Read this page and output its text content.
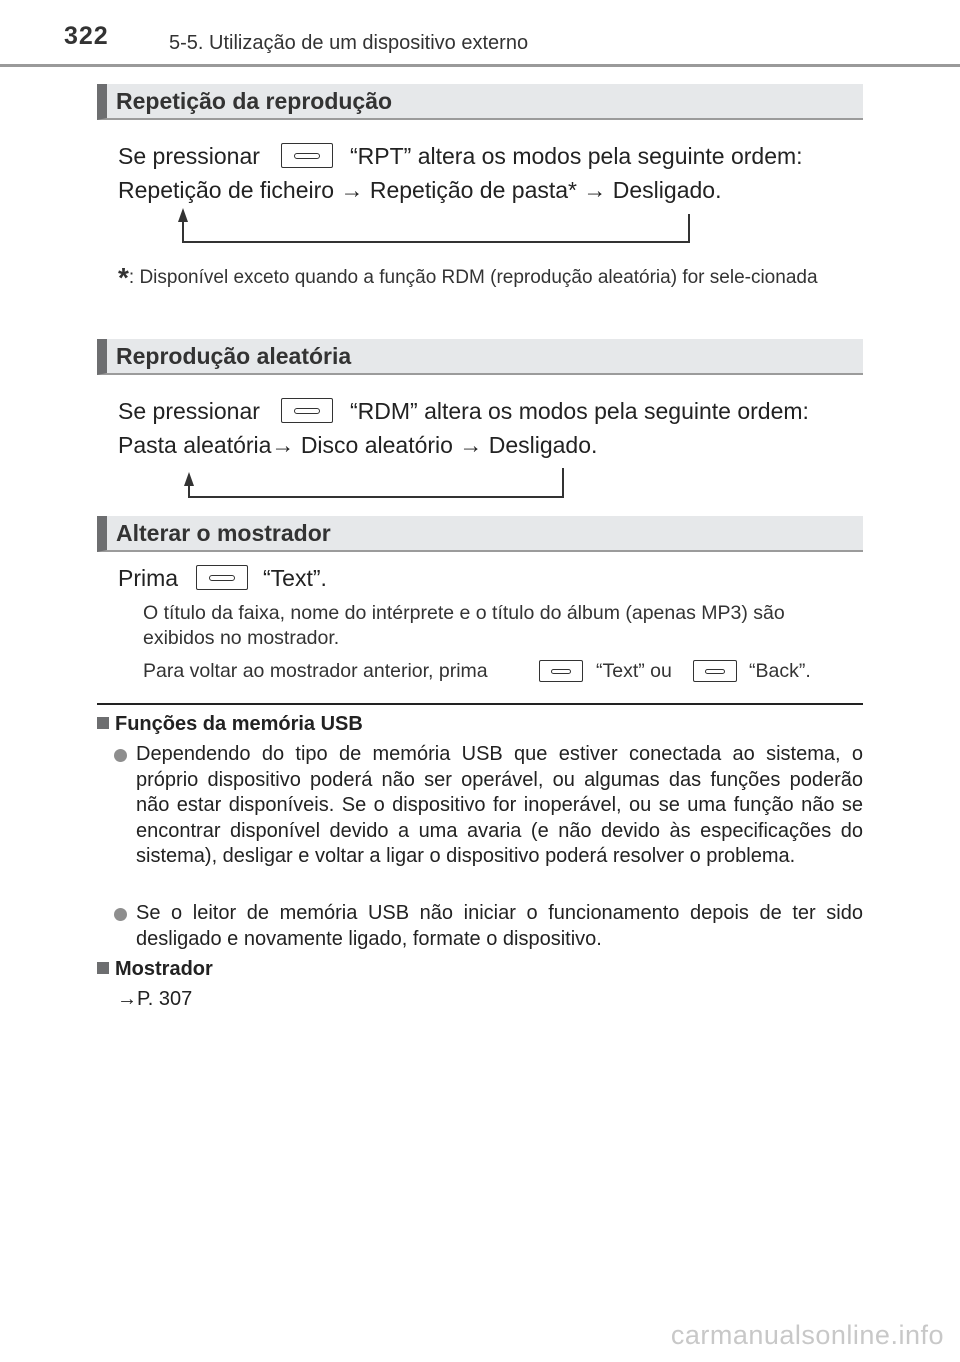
322	5-5. Utilização de um dispositivo externo
Repetição da reprodução
Se pressionar	“RPT” altera os modos pela seguinte ordem:
Repetição de ficheiro → Repetição de pasta* → Desligado.
*: Disponível exceto quando a função RDM (reprodução aleatória) for sele-cionada
Reprodução aleatória
Se pressionar	“RDM” altera os modos pela seguinte ordem:
Pasta aleatória→ Disco aleatório → Desligado.
Alterar o mostrador
Prima	“Text”.
O título da faixa, nome do intérprete e o título do álbum (apenas MP3) são exibidos no mostrador.
Para voltar ao mostrador anterior, prima	“Text” ou	“Back”.
Funções da memória USB
Dependendo do tipo de memória USB que estiver conectada ao sistema, o próprio dispositivo poderá não ser operável, ou algumas das funções poderão não estar disponíveis. Se o dispositivo for inoperável, ou se uma função não se encontrar disponível devido a uma avaria (e não devido às especificações do sistema), desligar e voltar a ligar o dispositivo poderá resolver o problema.
Se o leitor de memória USB não iniciar o funcionamento depois de ter sido desligado e novamente ligado, formate o dispositivo.
Mostrador
→P. 307
carmanualsonline.info
